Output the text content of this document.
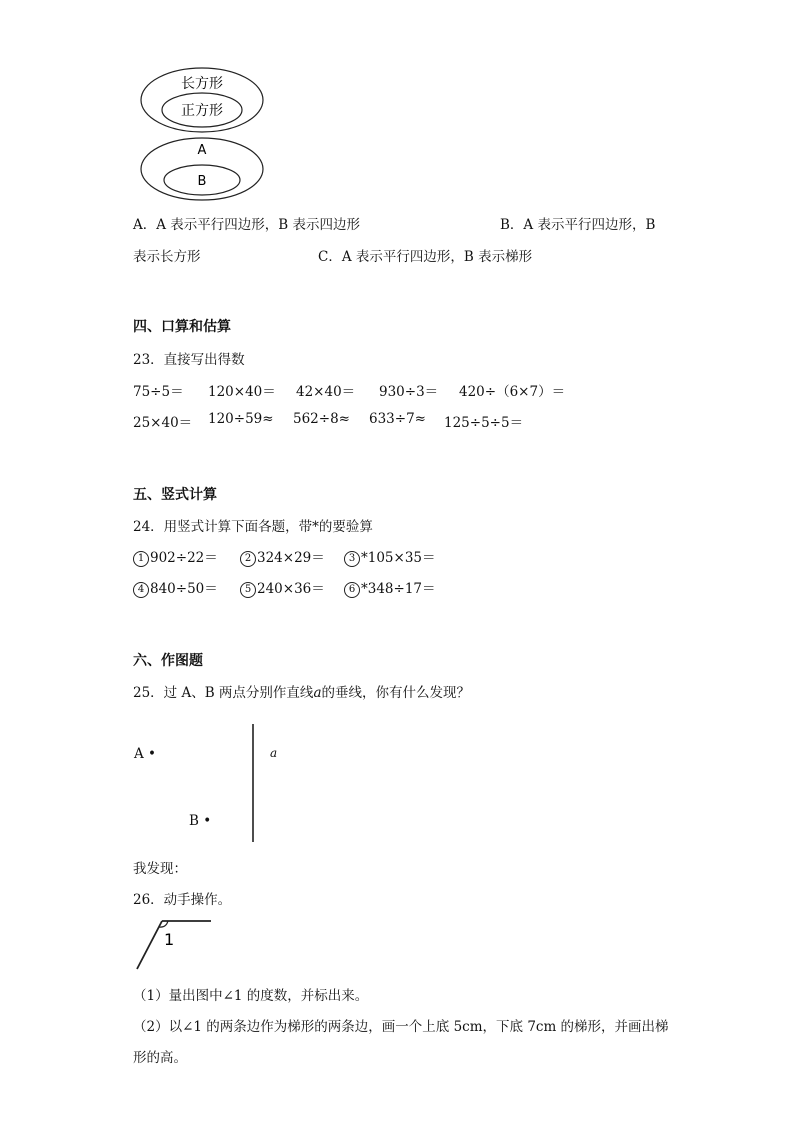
长方形
正方形
A
B
A．A 表示平行四边形，B 表示四边形	B．A 表示平行四边形，B
表示长方形	C．A 表示平行四边形，B 表示梯形
四、口算和估算
23．直接写出得数
75÷5＝ 120×40＝ 42×40＝ 930÷3＝ 420÷（6×7）＝
25×40＝ 120÷59≈ 562÷8≈ 633÷7≈ 125÷5÷5＝
五、竖式计算
24．用竖式计算下面各题，带*的要验算
1 902÷22＝	2 324×29＝	3 *105×35＝
4 840÷50＝	5 240×36＝	6 *348÷17＝
六、作图题
25．过 A、B 两点分别作直线a的垂线，你有什么发现？
A •
B •
a
我发现：
26．动手操作。
1
（1）量出图中∠1 的度数，并标出来。
（2）以∠1 的两条边作为梯形的两条边，画一个上底 5cm，下底 7cm 的梯形，并画出梯
形的高。
